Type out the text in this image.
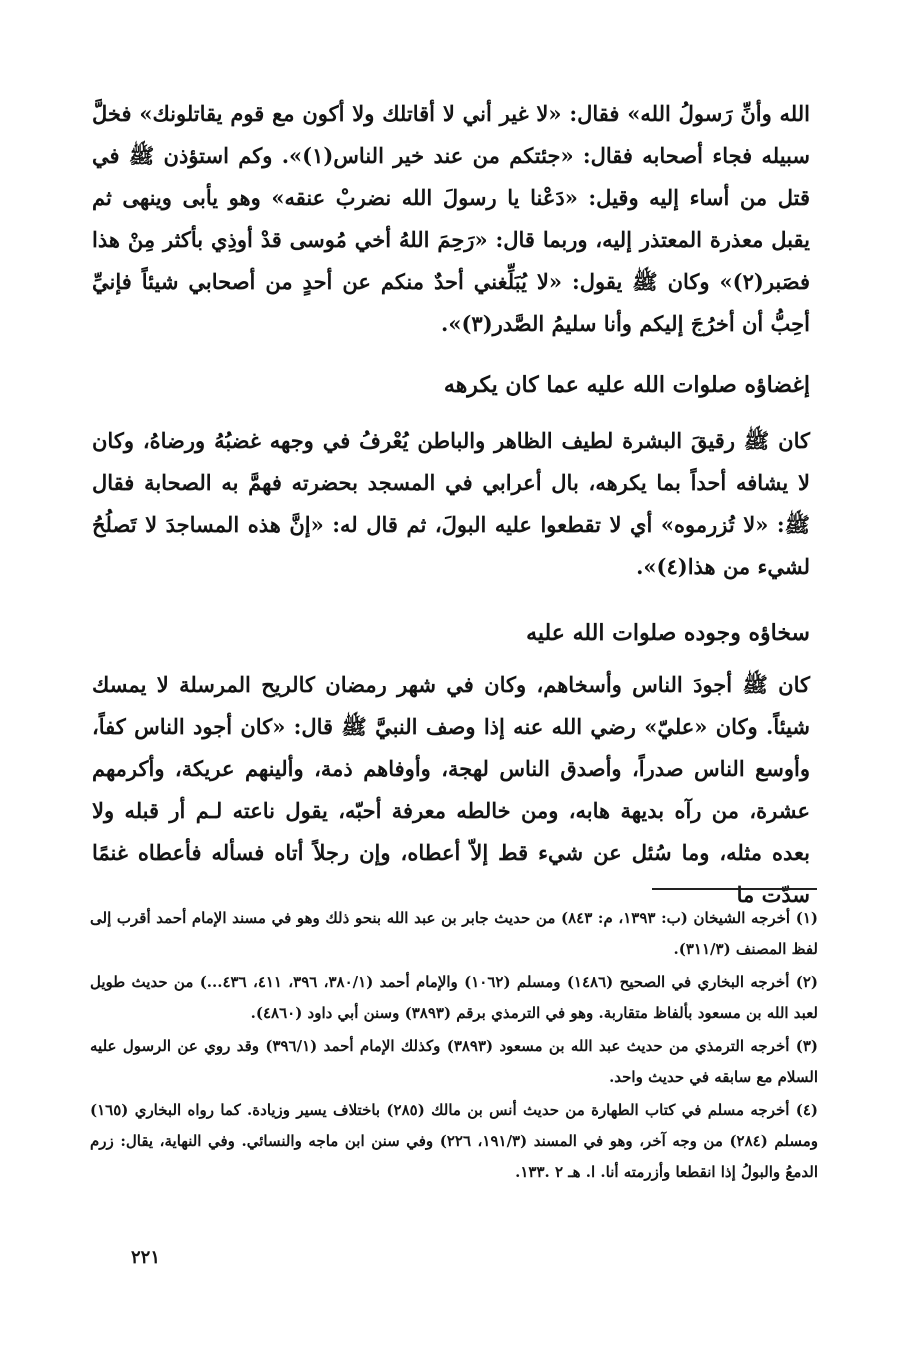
الله وأنِّ رَسولُ الله» فقال: «لا غير أني لا أقاتلك ولا أكون مع قوم يقاتلونك» فخلَّ سبيله فجاء أصحابه فقال: «جئتكم من عند خير الناس(١)». وكم استؤذن ﷺ في قتل من أساء إليه وقيل: «دَعْنا يا رسولَ الله نضربْ عنقه» وهو يأبى وينهى ثم يقبل معذرة المعتذر إليه، وربما قال: «رَحِمَ اللهُ أخي مُوسى قدْ أوذِي بأكثر مِنْ هذا فصَبر(٢)» وكان ﷺ يقول: «لا يُبَلِّغني أحدٌ منكم عن أحدٍ من أصحابي شيئاً فإنيِّ أحِبُّ أن أخرُجَ إليكم وأنا سليمُ الصَّدر(٣)».

إغضاؤه صلوات الله عليه عما كان يكرهه

كان ﷺ رقيقَ البشرة لطيف الظاهر والباطن يُعْرفُ في وجهه غضبُهُ ورضاهُ، وكان لا يشافه أحداً بما يكرهه، بال أعرابي في المسجد بحضرته فهمَّ به الصحابة فقال ﷺ: «لا تُزرموه» أي لا تقطعوا عليه البولَ، ثم قال له: «إنَّ هذه المساجدَ لا تَصلُحُ لشيء من هذا(٤)».

سخاؤه وجوده صلوات الله عليه

كان ﷺ أجودَ الناس وأسخاهم، وكان في شهر رمضان كالريح المرسلة لا يمسك شيئاً. وكان «عليّ» رضي الله عنه إذا وصف النبيَّ ﷺ قال: «كان أجود الناس كفاً، وأوسع الناس صدراً، وأصدق الناس لهجة، وأوفاهم ذمة، وألينهم عريكة، وأكرمهم عشرة، من رآه بديهة هابه، ومن خالطه معرفة أحبّه، يقول ناعته لـم أر قبله ولا بعده مثله، وما سُئل عن شيء قط إلاّ أعطاه، وإن رجلاً أتاه فسأله فأعطاه غنمًا سدّت ما

(١) أخرجه الشيخان (ب: ١٣٩٣، م: ٨٤٣) من حديث جابر بن عبد الله بنحو ذلك وهو في مسند الإمام أحمد أقرب إلى لفظ المصنف (٣١١/٣).

(٢) أخرجه البخاري في الصحيح (١٤٨٦) ومسلم (١٠٦٢) والإمام أحمد (٣٨٠/١، ٣٩٦، ٤١١، ٤٣٦...) من حديث طويل لعبد الله بن مسعود بألفاظ متقاربة. وهو في الترمذي برقم (٣٨٩٣) وسنن أبي داود (٤٨٦٠).

(٣) أخرجه الترمذي من حديث عبد الله بن مسعود (٣٨٩٣) وكذلك الإمام أحمد (٣٩٦/١) وقد روي عن الرسول عليه السلام مع سابقه في حديث واحد.

(٤) أخرجه مسلم في كتاب الطهارة من حديث أنس بن مالك (٢٨٥) باختلاف يسير وزيادة. كما رواه البخاري (١٦٥) ومسلم (٢٨٤) من وجه آخر، وهو في المسند (١٩١/٣، ٢٢٦) وفي سنن ابن ماجه والنسائي. وفي النهاية، يقال: زرم الدمعُ والبولُ إذا انقطعا وأزرمته أنا. ا. هـ ٢ .١٣٣.

٢٢١
